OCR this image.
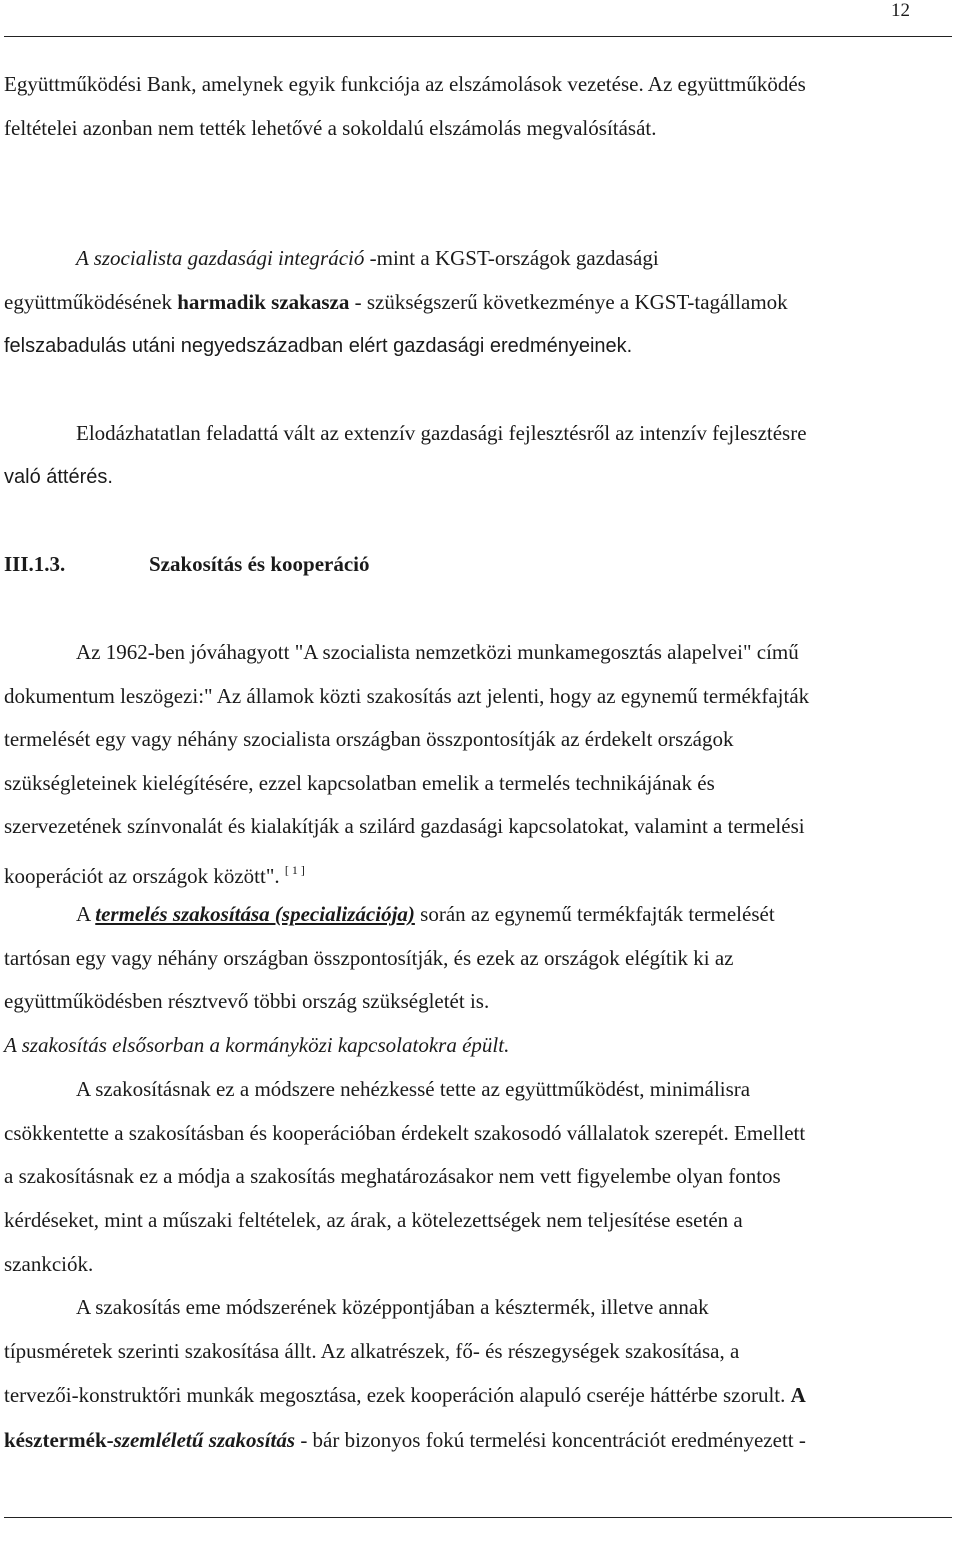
12
Együttműködési Bank, amelynek egyik funkciója az elszámolások vezetése. Az együttműködés
feltételei azonban nem tették lehetővé a sokoldalú elszámolás megvalósítását.
A szocialista gazdasági integráció -mint a KGST-országok gazdasági
együttműködésének harmadik szakasza - szükségszerű következménye a KGST-tagállamok
felszabadulás utáni negyedszázadban elért gazdasági eredményeinek.
Elodázhatatlan feladattá vált az extenzív gazdasági fejlesztésről az intenzív fejlesztésre
való áttérés.
III.1.3.	Szakosítás és kooperáció
Az 1962-ben jóváhagyott "A szocialista nemzetközi munkamegosztás alapelvei" című
dokumentum leszögezi:" Az államok közti szakosítás azt jelenti, hogy az egynemű termékfajták
termelését egy vagy néhány szocialista országban összpontosítják az érdekelt országok
szükségleteinek kielégítésére, ezzel kapcsolatban emelik a termelés technikájának és
szervezetének színvonalát és kialakítják a szilárd gazdasági kapcsolatokat, valamint a termelési
kooperációt az országok között". [ 1 ]
A termelés szakosítása (specializációja) során az egynemű termékfajták termelését
tartósan egy vagy néhány országban összpontosítják, és ezek az országok elégítik ki az
együttműködésben résztvevő többi ország szükségletét is.
A szakosítás elsősorban a kormányközi kapcsolatokra épült.
A szakosításnak ez a módszere nehézkessé tette az együttműködést, minimálisra
csökkentette a szakosításban és kooperációban érdekelt szakosodó vállalatok szerepét. Emellett
a szakosításnak ez a módja a szakosítás meghatározásakor nem vett figyelembe olyan fontos
kérdéseket, mint a műszaki feltételek, az árak, a kötelezettségek nem teljesítése esetén a
szankciók.
A szakosítás eme módszerének középpontjában a késztermék, illetve annak
típusméretek szerinti szakosítása állt. Az alkatrészek, fő- és részegységek szakosítása, a
tervezői-konstruktőri munkák megosztása, ezek kooperáción alapuló cseréje háttérbe szorult. A
késztermék-szemléletű szakosítás - bár bizonyos fokú termelési koncentrációt eredményezett -
